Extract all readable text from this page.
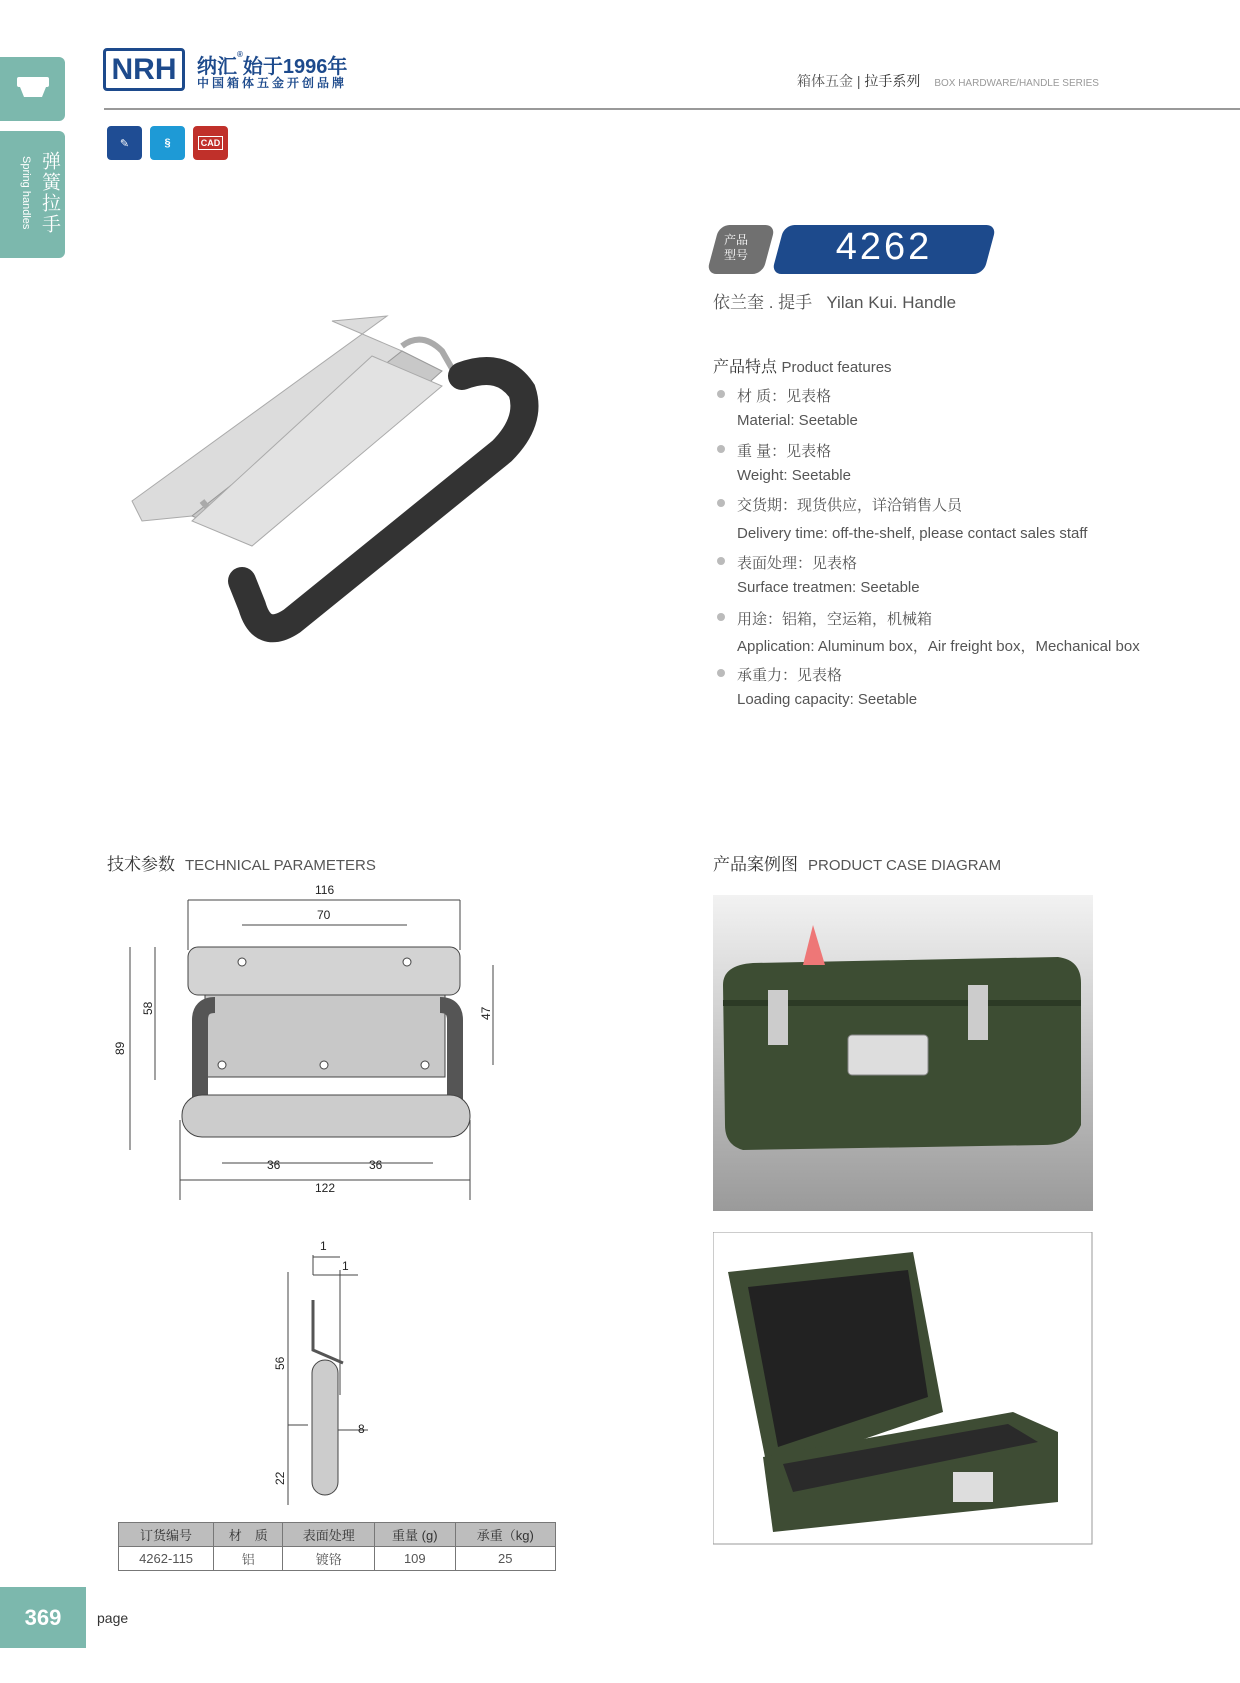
弹簧拉手
Spring handles
NRH	纳汇®始于1996年
中国箱体五金开创品牌	箱体五金 | 拉手系列 BOX HARDWARE/HANDLE SERIES
✎	§	CAD
产品型号	4262
依兰奎 . 提手 Yilan Kui. Handle
产品特点 Product features
材 质：见表格
Material: Seetable
重 量：见表格
Weight: Seetable
交货期：现货供应，详洽销售人员
Delivery time: off-the-shelf, please contact sales staff
表面处理：见表格
Surface treatmen: Seetable
用途：铝箱，空运箱，机械箱
Application: Aluminum box，Air freight box，Mechanical box
承重力：见表格
Loading capacity: Seetable
技术参数 TECHNICAL PARAMETERS	产品案例图 PRODUCT CASE DIAGRAM
116
70
89
58	47
36	36
122
1
1
56
8
22
订货编号	材　质	表面处理	重量 (g)	承重（kg)
4262-115	铝	镀铬	109	25
369	page
